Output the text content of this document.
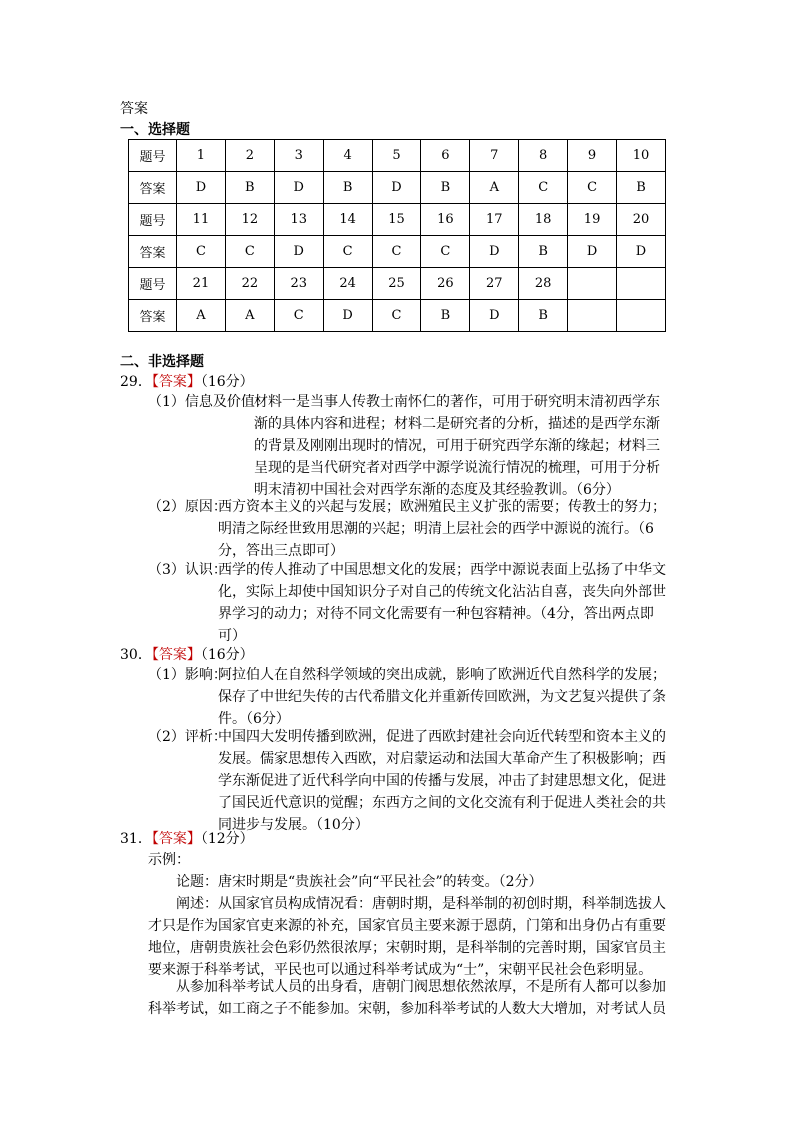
答案
一、选择题
题号	1	2	3	4	5	6	7	8	9	10
答案	D	B	D	B	D	B	A	C	C	B
题号	11	12	13	14	15	16	17	18	19	20
答案	C	C	D	C	C	C	D	B	D	D
题号	21	22	23	24	25	26	27	28		
答案	A	A	C	D	C	B	D	B		
二、非选择题
29．【答案】（16分）
（1）信息及价值：
材料一是当事人传教士南怀仁的著作，可用于研究明末清初西学东渐的具体内容和进程；材料二是研究者的分析，描述的是西学东渐的背景及刚刚出现时的情况，可用于研究西学东渐的缘起；材料三呈现的是当代研究者对西学中源学说流行情况的梳理，可用于分析明末清初中国社会对西学东渐的态度及其经验教训。（6分）
（2）原因：
西方资本主义的兴起与发展；欧洲殖民主义扩张的需要；传教士的努力；明清之际经世致用思潮的兴起；明清上层社会的西学中源说的流行。（6分，答出三点即可）
（3）认识：
西学的传人推动了中国思想文化的发展；西学中源说表面上弘扬了中华文化，实际上却使中国知识分子对自己的传统文化沾沾自喜，丧失向外部世界学习的动力；对待不同文化需要有一种包容精神。（4分，答出两点即可）
30．【答案】（16分）
（1）影响：
阿拉伯人在自然科学领域的突出成就，影响了欧洲近代自然科学的发展；保存了中世纪失传的古代希腊文化并重新传回欧洲，为文艺复兴提供了条件。（6分）
（2）评析：
中国四大发明传播到欧洲，促进了西欧封建社会向近代转型和资本主义的发展。儒家思想传入西欧，对启蒙运动和法国大革命产生了积极影响；西学东渐促进了近代科学向中国的传播与发展，冲击了封建思想文化，促进了国民近代意识的觉醒；东西方之间的文化交流有利于促进人类社会的共同进步与发展。（10分）
31．【答案】（12分）
示例：
论题：唐宋时期是“贵族社会”向“平民社会”的转变。（2分）
阐述：从国家官员构成情况看：唐朝时期，是科举制的初创时期，科举制选拔人才只是作为国家官吏来源的补充，国家官员主要来源于恩荫，门第和出身仍占有重要地位，唐朝贵族社会色彩仍然很浓厚；宋朝时期，是科举制的完善时期，国家官员主要来源于科举考试，平民也可以通过科举考试成为“士”，宋朝平民社会色彩明显。
从参加科举考试人员的出身看，唐朝门阀思想依然浓厚，不是所有人都可以参加科举考试，如工商之子不能参加。宋朝，参加科举考试的人数大大增加，对考试人员
